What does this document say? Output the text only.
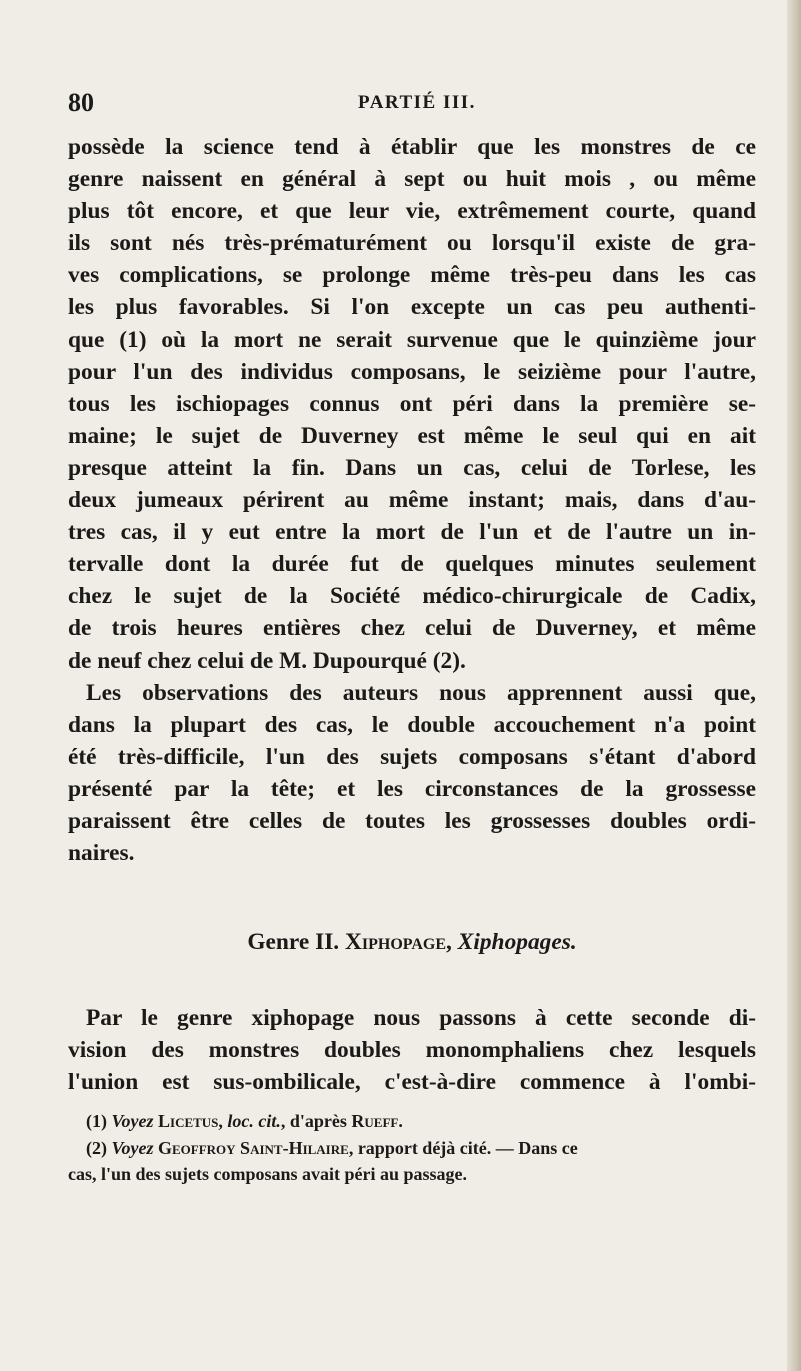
80	PARTIÉ III.
possède la science tend à établir que les monstres de ce
genre naissent en général à sept ou huit mois , ou même
plus tôt encore, et que leur vie, extrêmement courte, quand
ils sont nés très-prématurément ou lorsqu'il existe de gra-
ves complications, se prolonge même très-peu dans les cas
les plus favorables. Si l'on excepte un cas peu authenti-
que (1) où la mort ne serait survenue que le quinzième jour
pour l'un des individus composans, le seizième pour l'autre,
tous les ischiopages connus ont péri dans la première se-
maine; le sujet de Duverney est même le seul qui en ait
presque atteint la fin. Dans un cas, celui de Torlese, les
deux jumeaux périrent au même instant; mais, dans d'au-
tres cas, il y eut entre la mort de l'un et de l'autre un in-
tervalle dont la durée fut de quelques minutes seulement
chez le sujet de la Société médico-chirurgicale de Cadix,
de trois heures entières chez celui de Duverney, et même
de neuf chez celui de M. Dupourqué (2).
Les observations des auteurs nous apprennent aussi que,
dans la plupart des cas, le double accouchement n'a point
été très-difficile, l'un des sujets composans s'étant d'abord
présenté par la tête; et les circonstances de la grossesse
paraissent être celles de toutes les grossesses doubles ordi-
naires.
Genre II. Xiphopage, Xiphopages.
Par le genre xiphopage nous passons à cette seconde di-
vision des monstres doubles monomphaliens chez lesquels
l'union est sus-ombilicale, c'est-à-dire commence à l'ombi-
(1) Voyez Licetus, loc. cit., d'après Rueff.
(2) Voyez Geoffroy Saint-Hilaire, rapport déjà cité. — Dans ce
cas, l'un des sujets composans avait péri au passage.
